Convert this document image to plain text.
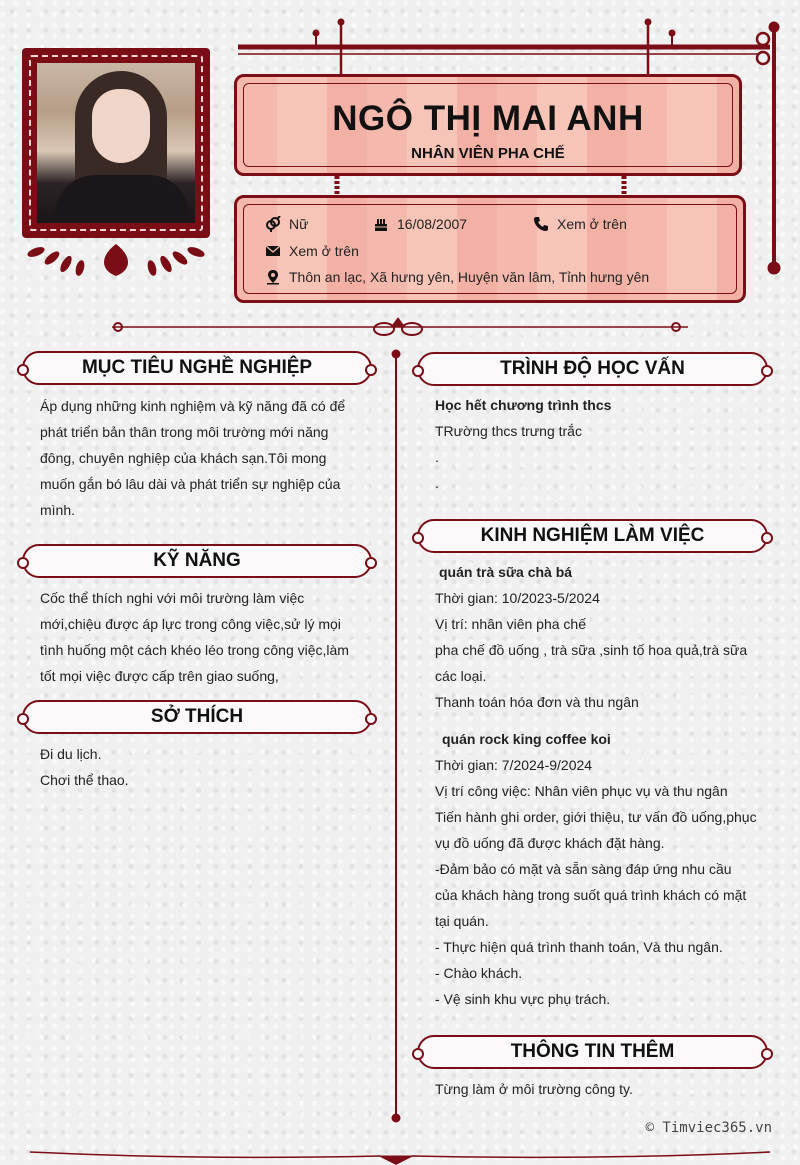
NGÔ THỊ MAI ANH
NHÂN VIÊN PHA CHẾ
Nữ	16/08/2007	Xem ở trên
Xem ở trên
Thôn an lạc, Xã hưng yên, Huyện văn lâm, Tỉnh hưng yên
MỤC TIÊU NGHỀ NGHIỆP
Áp dụng những kinh nghiệm và kỹ năng đã có để
phát triển bản thân trong môi trường mới năng
đông, chuyên nghiệp của khách sạn.Tôi mong
muốn gắn bó lâu dài và phát triển sự nghiệp của
mình.
KỸ NĂNG
Cốc thể thích nghi với môi trường làm việc
mới,chiệu được áp lực trong công việc,sử lý mọi
tình huống một cách khéo léo trong công việc,làm
tốt mọi việc được cấp trên giao suống,
SỞ THÍCH
Đi du lịch.
Chơi thể thao.
TRÌNH ĐỘ HỌC VẤN
Học hết chương trình thcs
TRường thcs trưng trắc
.
.
KINH NGHIỆM LÀM VIỆC
quán trà sữa chà bá
Thời gian: 10/2023-5/2024
Vị trí: nhân viên pha chế
pha chế đồ uống , trà sữa ,sinh tố hoa quả,trà sữa
các loại.
Thanh toán hóa đơn và thu ngân
quán rock king coffee koi
Thời gian: 7/2024-9/2024
Vị trí công việc: Nhân viên phục vụ và thu ngân
Tiến hành ghi order, giới thiệu, tư vấn đồ uống,phục
vụ đồ uống đã được khách đặt hàng.
-Đảm bảo có mặt và sẵn sàng đáp ứng nhu cầu
của khách hàng trong suốt quá trình khách có mặt
tại quán.
- Thực hiện quá trình thanh toán, Và thu ngân.
- Chào khách.
- Vệ sinh khu vực phụ trách.
THÔNG TIN THÊM
Từng làm ở môi trường công ty.
© Timviec365.vn
